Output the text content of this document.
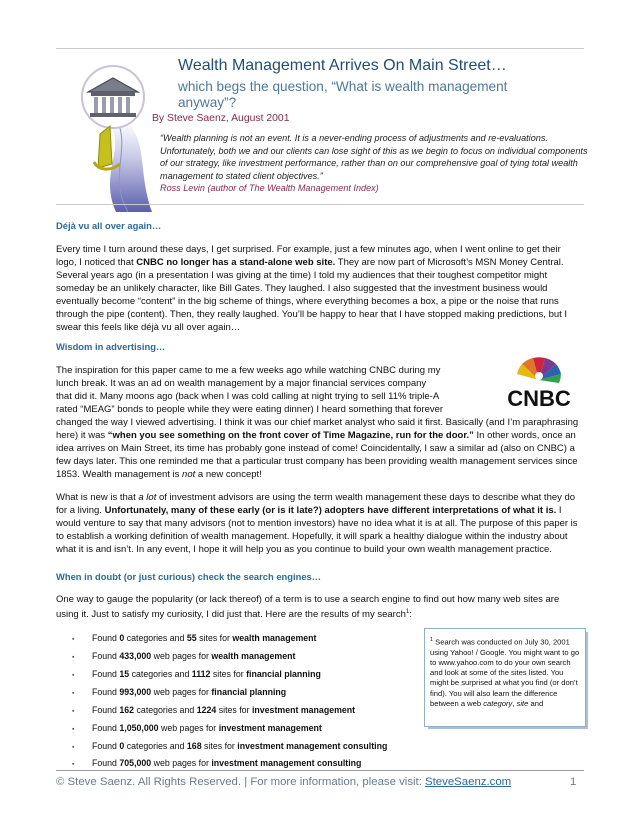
Wealth Management Arrives On Main Street…
which begs the question, “What is wealth management anyway”?
By Steve Saenz, August 2001
“Wealth planning is not an event. It is a never-ending process of adjustments and re-evaluations. Unfortunately, both we and our clients can lose sight of this as we begin to focus on individual components of our strategy, like investment performance, rather than on our comprehensive goal of tying total wealth management to stated client objectives.”
Ross Levin (author of The Wealth Management Index)
Déjà vu all over again…
Every time I turn around these days, I get surprised. For example, just a few minutes ago, when I went online to get their logo, I noticed that CNBC no longer has a stand-alone web site. They are now part of Microsoft’s MSN Money Central. Several years ago (in a presentation I was giving at the time) I told my audiences that their toughest competitor might someday be an unlikely character, like Bill Gates. They laughed. I also suggested that the investment business would eventually become “content” in the big scheme of things, where everything becomes a box, a pipe or the noise that runs through the pipe (content). Then, they really laughed. You’ll be happy to hear that I have stopped making predictions, but I swear this feels like déjà vu all over again…
Wisdom in advertising…
The inspiration for this paper came to me a few weeks ago while watching CNBC during my
lunch break. It was an ad on wealth management by a major financial services company
that did it. Many moons ago (back when I was cold calling at night trying to sell 11% triple-A
rated “MEAG” bonds to people while they were eating dinner) I heard something that forever
changed the way I viewed advertising. I think it was our chief market analyst who said it first. Basically (and I’m paraphrasing here) it was “when you see something on the front cover of Time Magazine, run for the door.” In other words, once an idea arrives on Main Street, its time has probably gone instead of come! Coincidentally, I saw a similar ad (also on CNBC) a few days later. This one reminded me that a particular trust company has been providing wealth management services since 1853. Wealth management is not a new concept!
CNBC
What is new is that a lot of investment advisors are using the term wealth management these days to describe what they do for a living. Unfortunately, many of these early (or is it late?) adopters have different interpretations of what it is. I would venture to say that many advisors (not to mention investors) have no idea what it is at all. The purpose of this paper is to establish a working definition of wealth management. Hopefully, it will spark a healthy dialogue within the industry about what it is and isn’t. In any event, I hope it will help you as you continue to build your own wealth management practice.
When in doubt (or just curious) check the search engines…
One way to gauge the popularity (or lack thereof) of a term is to use a search engine to find out how many web sites are using it. Just to satisfy my curiosity, I did just that. Here are the results of my search$^1$:
▪ Found 0 categories and 55 sites for wealth management
▪ Found 433,000 web pages for wealth management
▪ Found 15 categories and 1112 sites for financial planning
▪ Found 993,000 web pages for financial planning
▪ Found 162 categories and 1224 sites for investment management
▪ Found 1,050,000 web pages for investment management
▪ Found 0 categories and 168 sites for investment management consulting
▪ Found 705,000 web pages for investment management consulting
$^1$ Search was conducted on July 30, 2001 using Yahoo! / Google. You might want to go to www.yahoo.com to do your own search and look at some of the sites listed. You might be surprised at what you find (or don’t find). You will also learn the difference between a web category, site and
© Steve Saenz. All Rights Reserved. | For more information, please visit: SteveSaenz.com	1
